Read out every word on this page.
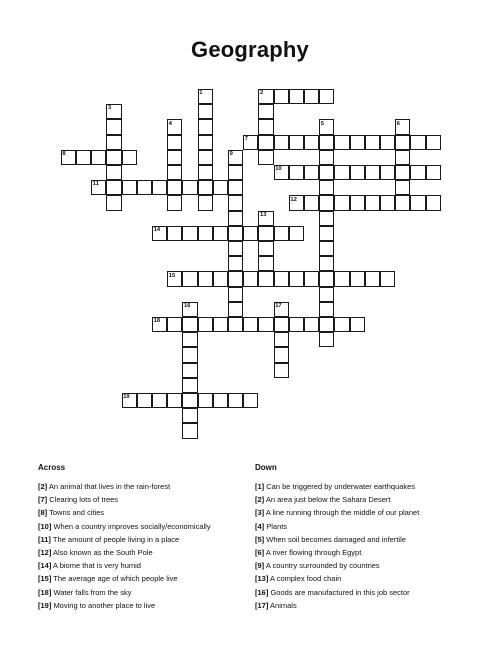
Geography
1	2
3
4	5	6
7
8	9
10
11
12
13
14
15
16	17
18
19
Across	Down
[2] An animal that lives in the rain-forest
[7] Clearing lots of trees
[8] Towns and cities
[10] When a country improves socially/economically
[11] The amount of people living in a place
[12] Also known as the South Pole
[14] A biome that is very humid
[15] The average age of which people live
[18] Water falls from the sky
[19] Moving to another place to live
[1] Can be triggered by underwater earthquakes
[2] An area just below the Sahara Desert
[3] A line running through the middle of our planet
[4] Plants
[5] When soil becomes damaged and infertile
[6] A river flowing through Egypt
[9] A country surrounded by countries
[13] A complex food chain
[16] Goods are manufactured in this job sector
[17] Animals
